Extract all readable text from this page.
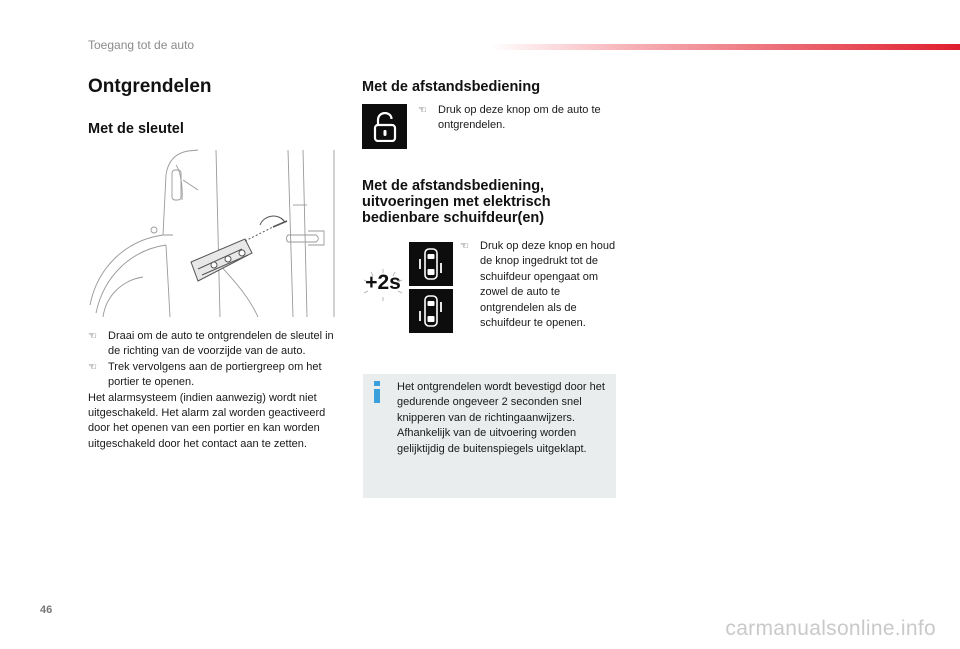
Toegang tot de auto
Ontgrendelen
Met de sleutel
☜	Draai om de auto te ontgrendelen de sleutel in de richting van de voorzijde van de auto.
☜	Trek vervolgens aan de portiergreep om het portier te openen.
Het alarmsysteem (indien aanwezig) wordt niet uitgeschakeld. Het alarm zal worden geactiveerd door het openen van een portier en kan worden uitgeschakeld door het contact aan te zetten.
Met de afstandsbediening
☜	Druk op deze knop om de auto te ontgrendelen.
Met de afstandsbediening, uitvoeringen met elektrisch bedienbare schuifdeur(en)
+2s
☜	Druk op deze knop en houd de knop ingedrukt tot de schuifdeur opengaat om zowel de auto te ontgrendelen als de schuifdeur te openen.
Het ontgrendelen wordt bevestigd door het gedurende ongeveer 2 seconden snel knipperen van de richtingaanwijzers.
Afhankelijk van de uitvoering worden gelijktijdig de buitenspiegels uitgeklapt.
46
carmanualsonline.info
